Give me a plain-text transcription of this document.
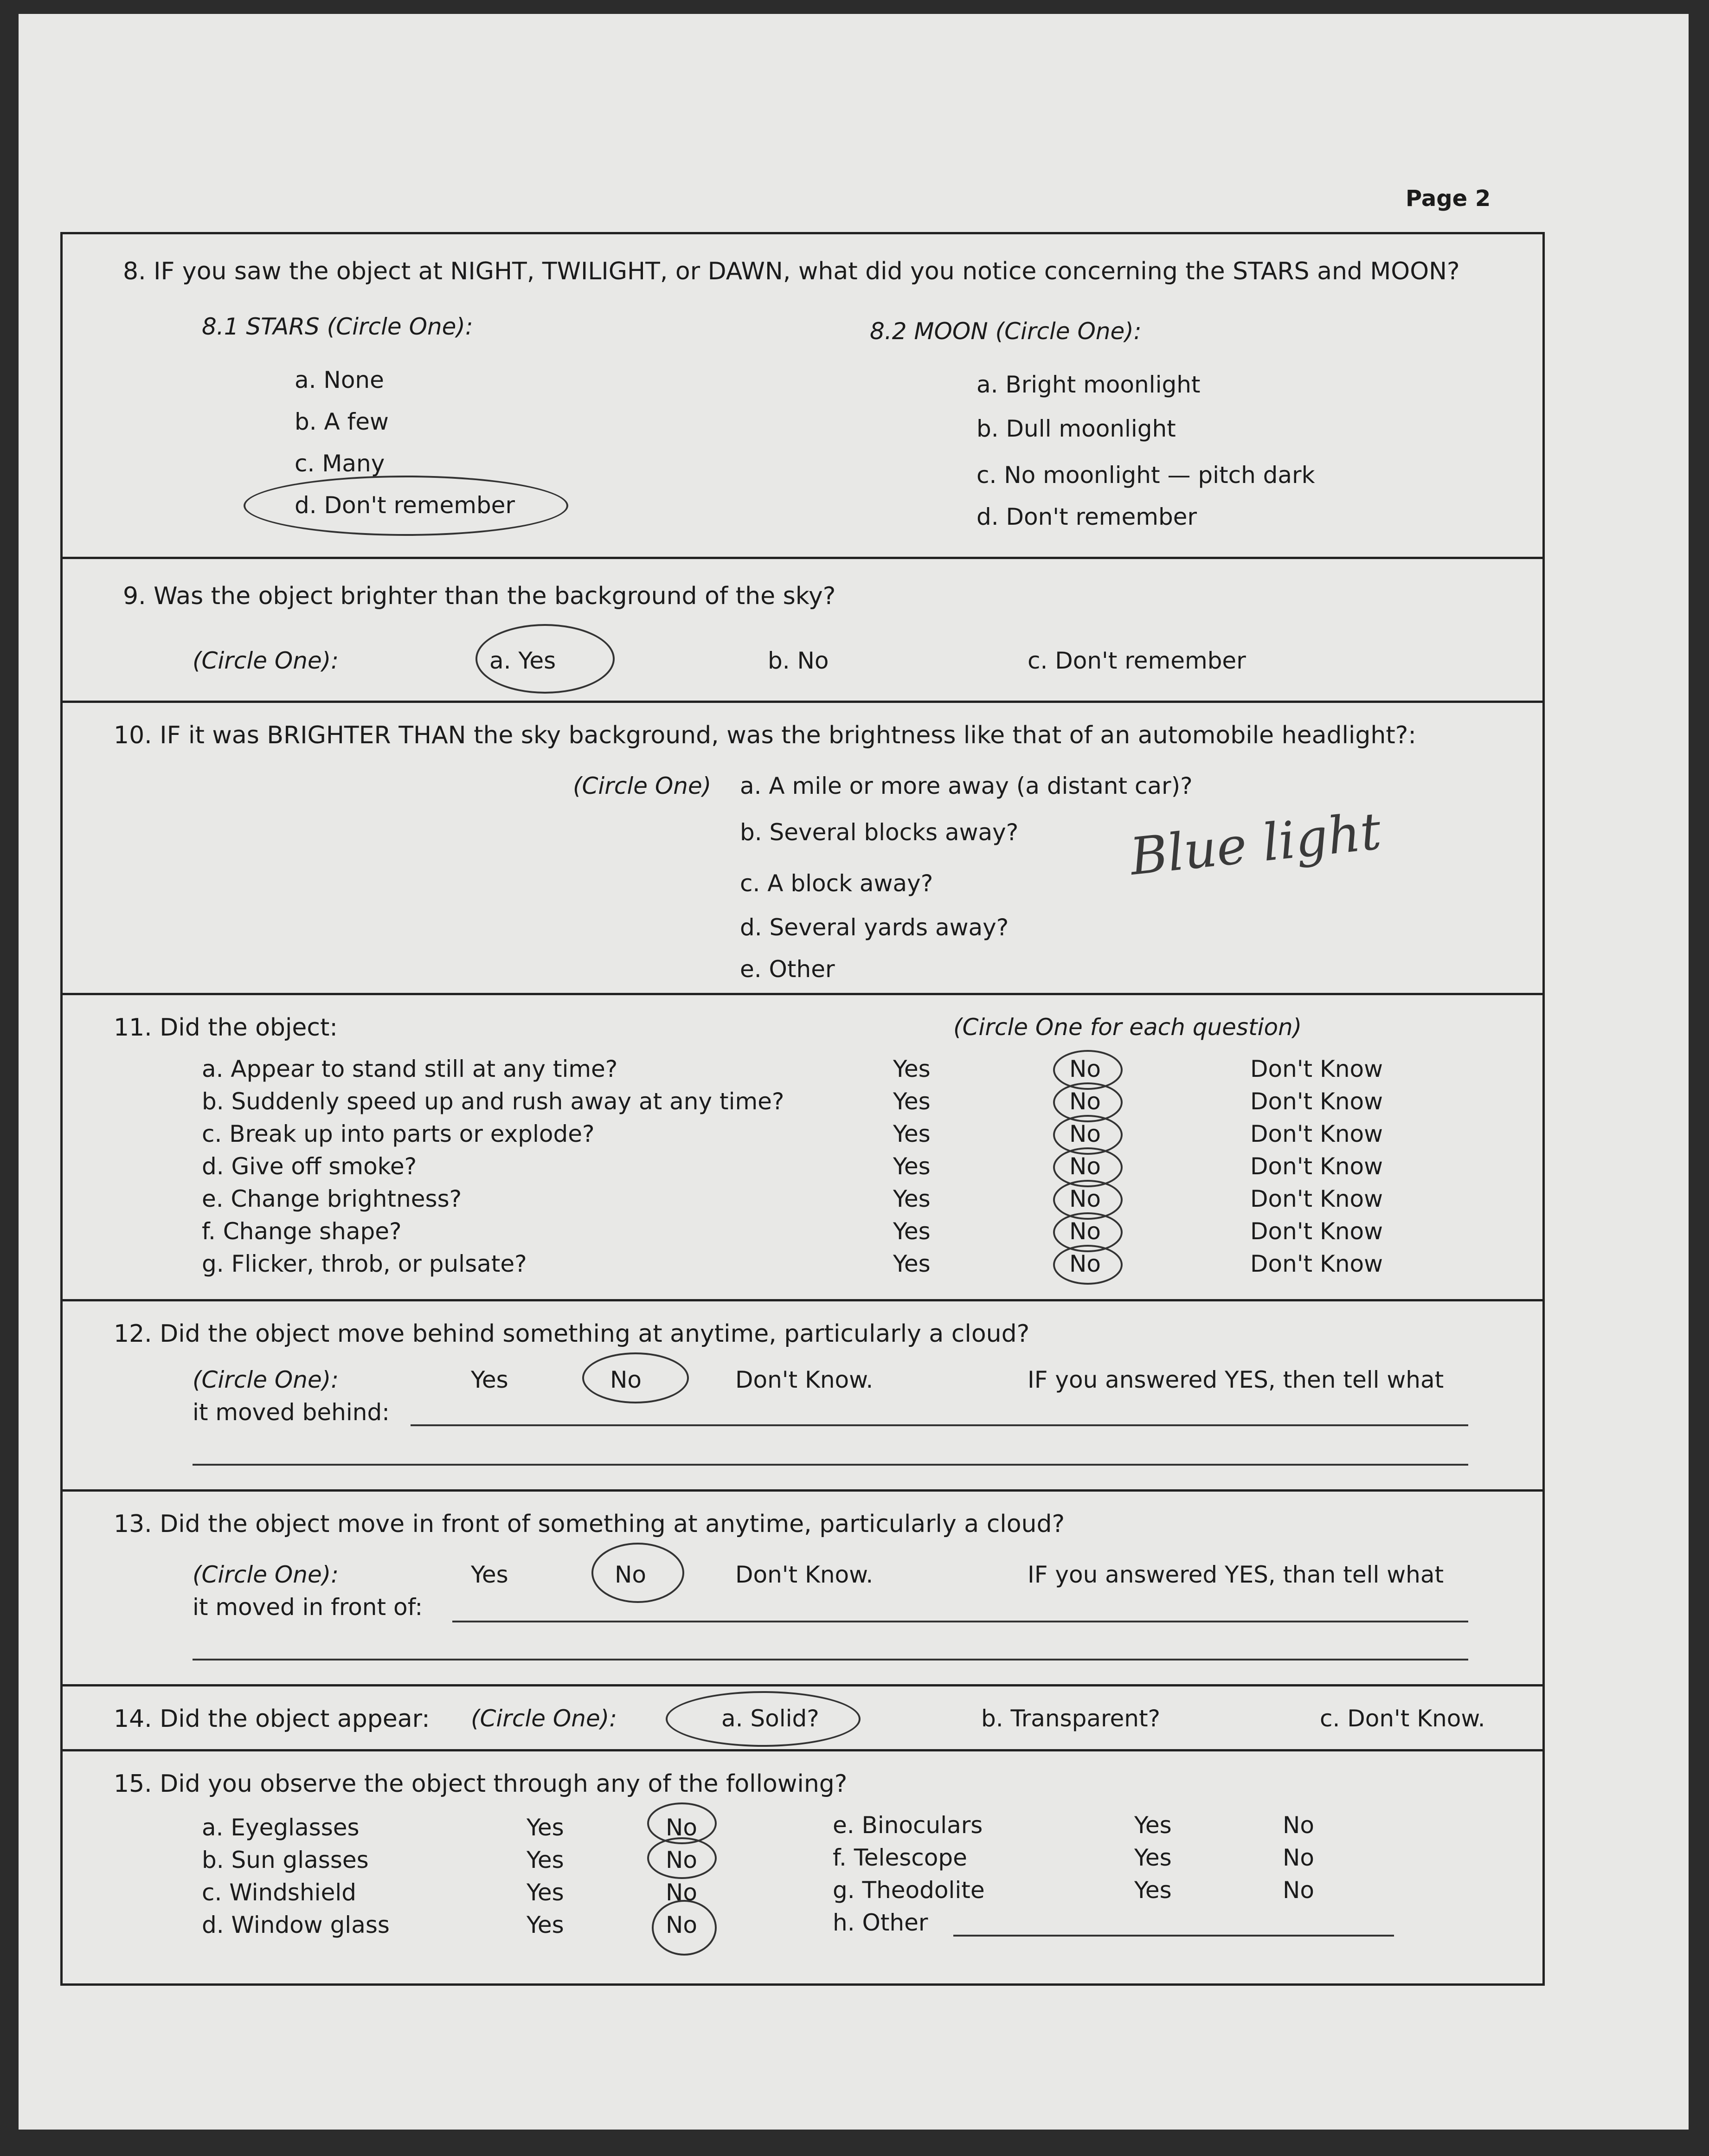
Page 2
8. IF you saw the object at NIGHT, TWILIGHT, or DAWN, what did you notice concerning the STARS and MOON?
8.1 STARS (Circle One):	8.2 MOON (Circle One):
a. None
b. A few
c. Many
d. Don't remember
a. Bright moonlight
b. Dull moonlight
c. No moonlight — pitch dark
d. Don't remember
9. Was the object brighter than the background of the sky?
(Circle One):	a. Yes	b. No	c. Don't remember
10. IF it was BRIGHTER THAN the sky background, was the brightness like that of an automobile headlight?:
(Circle One) a. A mile or more away (a distant car)?
b. Several blocks away?
c. A block away?
d. Several yards away?
e. Other
Blue light
11. Did the object:	(Circle One for each question)
a. Appear to stand still at any time?	Yes	No	Don't Know
b. Suddenly speed up and rush away at any time?	Yes	No	Don't Know
c. Break up into parts or explode?	Yes	No	Don't Know
d. Give off smoke?	Yes	No	Don't Know
e. Change brightness?	Yes	No	Don't Know
f. Change shape?	Yes	No	Don't Know
g. Flicker, throb, or pulsate?	Yes	No	Don't Know
12. Did the object move behind something at anytime, particularly a cloud?
(Circle One):	Yes	No	Don't Know.	IF you answered YES, then tell what
it moved behind:
13. Did the object move in front of something at anytime, particularly a cloud?
(Circle One):	Yes	No	Don't Know.	IF you answered YES, than tell what
it moved in front of:
14. Did the object appear: (Circle One):	a. Solid?	b. Transparent?	c. Don't Know.
15. Did you observe the object through any of the following?
a. Eyeglasses	Yes	No
b. Sun glasses	Yes	No
c. Windshield	Yes	No
d. Window glass	Yes	No
e. Binoculars	Yes	No
f. Telescope	Yes	No
g. Theodolite	Yes	No
h. Other
